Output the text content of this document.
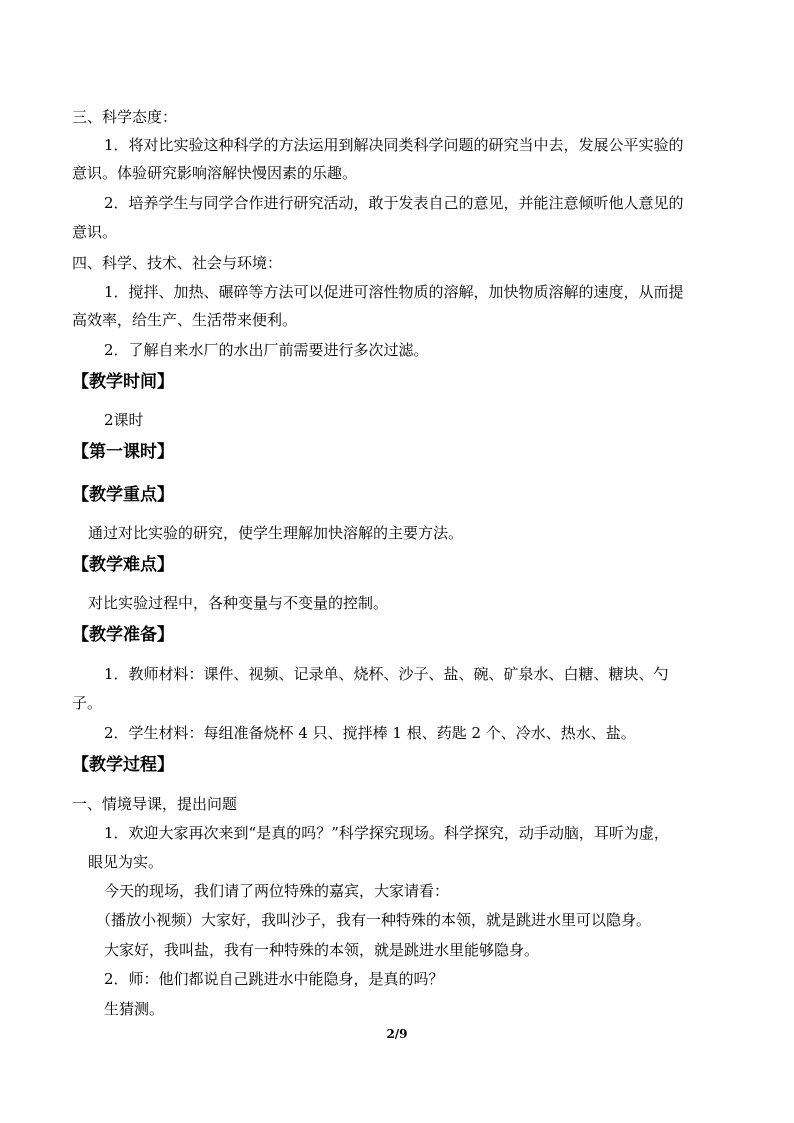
三、科学态度：
1．将对比实验这种科学的方法运用到解决同类科学问题的研究当中去，发展公平实验的
意识。体验研究影响溶解快慢因素的乐趣。
2．培养学生与同学合作进行研究活动，敢于发表自己的意见，并能注意倾听他人意见的
意识。
四、科学、技术、社会与环境：
1．搅拌、加热、碾碎等方法可以促进可溶性物质的溶解，加快物质溶解的速度，从而提
高效率，给生产、生活带来便利。
2．了解自来水厂的水出厂前需要进行多次过滤。
【教学时间】
2课时
【第一课时】
【教学重点】
通过对比实验的研究，使学生理解加快溶解的主要方法。
【教学难点】
对比实验过程中，各种变量与不变量的控制。
【教学准备】
1．教师材料：课件、视频、记录单、烧杯、沙子、盐、碗、矿泉水、白糖、糖块、勺
子。
2．学生材料：每组准备烧杯 4 只、搅拌棒 1 根、药匙 2 个、冷水、热水、盐。
【教学过程】
一、情境导课，提出问题
1．欢迎大家再次来到“是真的吗？”科学探究现场。科学探究，动手动脑，耳听为虚，
眼见为实。
今天的现场，我们请了两位特殊的嘉宾，大家请看：
（播放小视频）大家好，我叫沙子，我有一种特殊的本领，就是跳进水里可以隐身。
大家好，我叫盐，我有一种特殊的本领，就是跳进水里能够隐身。
2．师：他们都说自己跳进水中能隐身，是真的吗？
生猜测。
2/9
